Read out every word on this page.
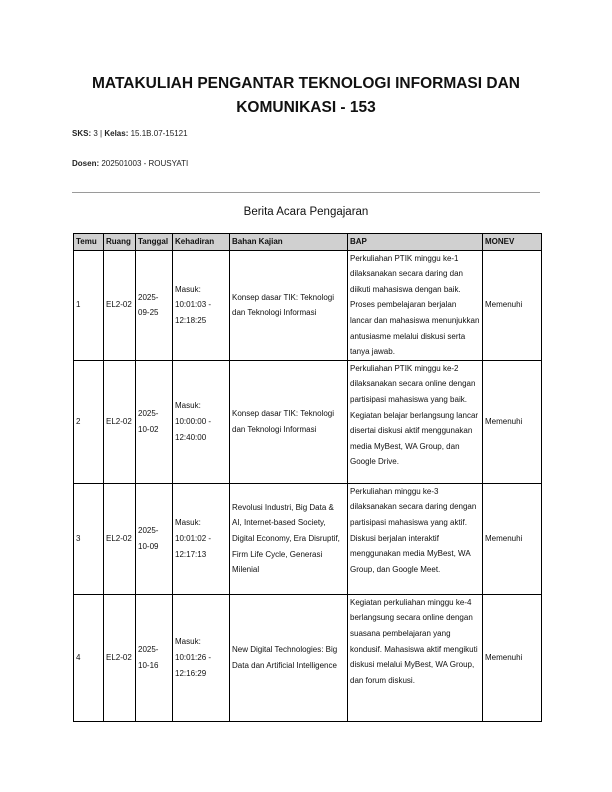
MATAKULIAH PENGANTAR TEKNOLOGI INFORMASI DAN KOMUNIKASI - 153
SKS: 3 | Kelas: 15.1B.07-15121
Dosen: 202501003 - ROUSYATI
Berita Acara Pengajaran
Temu	Ruang	Tanggal	Kehadiran	Bahan Kajian	BAP	MONEV
1	EL2-02	2025-09-25	Masuk: 10:01:03 - 12:18:25	Konsep dasar TIK: Teknologi dan Teknologi Informasi	Perkuliahan PTIK minggu ke-1 dilaksanakan secara daring dan diikuti mahasiswa dengan baik. Proses pembelajaran berjalan lancar dan mahasiswa menunjukkan antusiasme melalui diskusi serta tanya jawab.	Memenuhi
2	EL2-02	2025-10-02	Masuk: 10:00:00 - 12:40:00	Konsep dasar TIK: Teknologi dan Teknologi Informasi	Perkuliahan PTIK minggu ke-2 dilaksanakan secara online dengan partisipasi mahasiswa yang baik. Kegiatan belajar berlangsung lancar disertai diskusi aktif menggunakan media MyBest, WA Group, dan Google Drive.	Memenuhi
3	EL2-02	2025-10-09	Masuk: 10:01:02 - 12:17:13	Revolusi Industri, Big Data & AI, Internet-based Society, Digital Economy, Era Disruptif, Firm Life Cycle, Generasi Milenial	Perkuliahan minggu ke-3 dilaksanakan secara daring dengan partisipasi mahasiswa yang aktif. Diskusi berjalan interaktif menggunakan media MyBest, WA Group, dan Google Meet.	Memenuhi
4	EL2-02	2025-10-16	Masuk: 10:01:26 - 12:16:29	New Digital Technologies: Big Data dan Artificial Intelligence	Kegiatan perkuliahan minggu ke-4 berlangsung secara online dengan suasana pembelajaran yang kondusif. Mahasiswa aktif mengikuti diskusi melalui MyBest, WA Group, dan forum diskusi.	Memenuhi
